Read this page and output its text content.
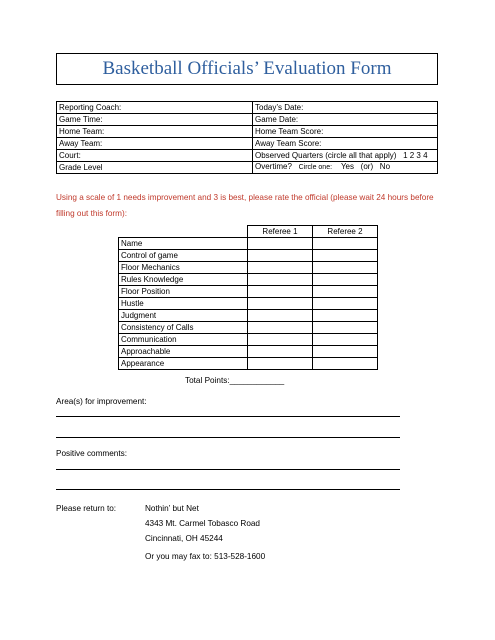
Basketball Officials’ Evaluation Form
Reporting Coach:	Today’s Date:
Game Time:	Game Date:
Home Team:	Home Team Score:
Away Team:	Away Team Score:
Court:	Observed Quarters (circle all that apply) 1 2 3 4
Grade Level	Overtime? Circle one: Yes (or) No
Using a scale of 1 needs improvement and 3 is best, please rate the official (please wait 24 hours before filling out this form):
	Referee 1	Referee 2
Name		
Control of game		
Floor Mechanics		
Rules Knowledge		
Floor Position		
Hustle		
Judgment		
Consistency of Calls		
Communication		
Approachable		
Appearance		
Total Points:____________
Area(s) for improvement:
Positive comments:
Please return to:	Nothin’ but Net
4343 Mt. Carmel Tobasco Road
Cincinnati, OH 45244
Or you may fax to: 513-528-1600
